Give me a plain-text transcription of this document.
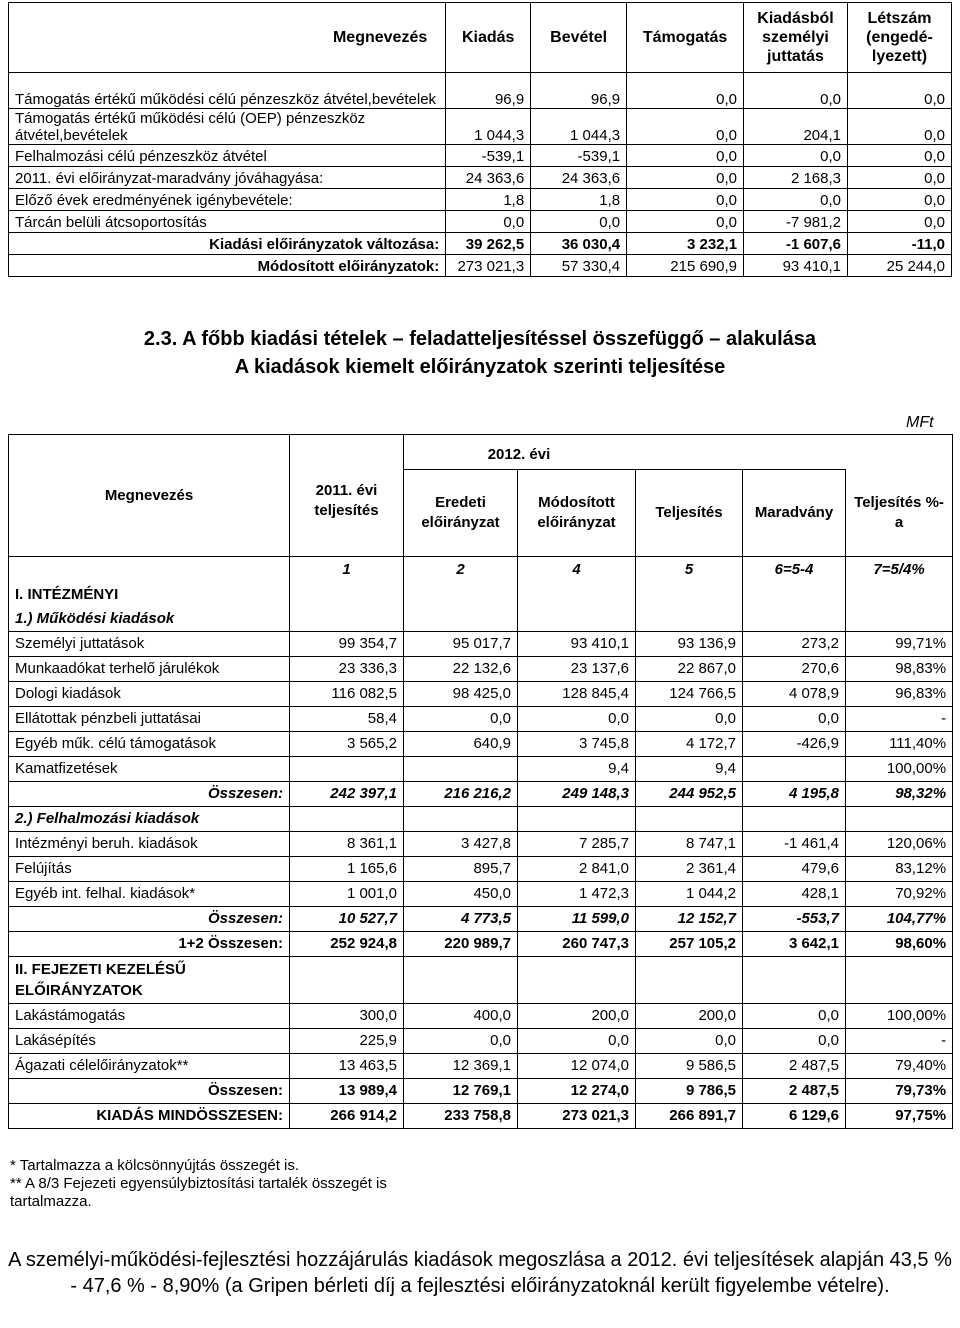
Megnevezés	Kiadás	Bevétel	Támogatás	Kiadásból személyi juttatás	Létszám (engedé-lyezett)
Támogatás értékű működési célú pénzeszköz átvétel,bevételek	96,9	96,9	0,0	0,0	0,0
Támogatás értékű működési célú (OEP) pénzeszköz átvétel,bevételek	1 044,3	1 044,3	0,0	204,1	0,0
Felhalmozási célú pénzeszköz átvétel	-539,1	-539,1	0,0	0,0	0,0
2011. évi előirányzat-maradvány jóváhagyása:	24 363,6	24 363,6	0,0	2 168,3	0,0
Előző évek eredményének igénybevétele:	1,8	1,8	0,0	0,0	0,0
Tárcán belüli átcsoportosítás	0,0	0,0	0,0	-7 981,2	0,0
Kiadási előirányzatok változása:	39 262,5	36 030,4	3 232,1	-1 607,6	-11,0
Módosított előirányzatok:	273 021,3	57 330,4	215 690,9	93 410,1	25 244,0
2.3. A főbb kiadási tételek – feladatteljesítéssel összefüggő – alakulása
A kiadások kiemelt előirányzatok szerinti teljesítése
MFt
Megnevezés	2011. évi teljesítés	2012. évi				

		Eredeti előirányzat	Módosított előirányzat	Teljesítés	Maradvány	Teljesítés %-a
	1	2	4	5	6=5-4	7=5/4%
I. INTÉZMÉNYI						
1.) Működési kiadások						
Személyi juttatások	99 354,7	95 017,7	93 410,1	93 136,9	273,2	99,71%
Munkaadókat terhelő járulékok	23 336,3	22 132,6	23 137,6	22 867,0	270,6	98,83%
Dologi kiadások	116 082,5	98 425,0	128 845,4	124 766,5	4 078,9	96,83%
Ellátottak pénzbeli juttatásai	58,4	0,0	0,0	0,0	0,0	-
Egyéb műk. célú támogatások	3 565,2	640,9	3 745,8	4 172,7	-426,9	111,40%
Kamatfizetések			9,4	9,4		100,00%
Összesen:	242 397,1	216 216,2	249 148,3	244 952,5	4 195,8	98,32%
2.) Felhalmozási kiadások						
Intézményi beruh. kiadások	8 361,1	3 427,8	7 285,7	8 747,1	-1 461,4	120,06%
Felújítás	1 165,6	895,7	2 841,0	2 361,4	479,6	83,12%
Egyéb int. felhal. kiadások*	1 001,0	450,0	1 472,3	1 044,2	428,1	70,92%
Összesen:	10 527,7	4 773,5	11 599,0	12 152,7	-553,7	104,77%
1+2 Összesen:	252 924,8	220 989,7	260 747,3	257 105,2	3 642,1	98,60%
II. FEJEZETI KEZELÉSŰ ELŐIRÁNYZATOK						
Lakástámogatás	300,0	400,0	200,0	200,0	0,0	100,00%
Lakásépítés	225,9	0,0	0,0	0,0	0,0	-
Ágazati célelőirányzatok**	13 463,5	12 369,1	12 074,0	9 586,5	2 487,5	79,40%
Összesen:	13 989,4	12 769,1	12 274,0	9 786,5	2 487,5	79,73%
KIADÁS MINDÖSSZESEN:	266 914,2	233 758,8	273 021,3	266 891,7	6 129,6	97,75%
* Tartalmazza a kölcsönnyújtás összegét is.
** A 8/3 Fejezeti egyensúlybiztosítási tartalék összegét is tartalmazza.
A személyi-működési-fejlesztési hozzájárulás kiadások megoszlása a 2012. évi teljesítések alapján 43,5 % - 47,6 % - 8,90% (a Gripen bérleti díj a fejlesztési előirányzatoknál került figyelembe vételre).
